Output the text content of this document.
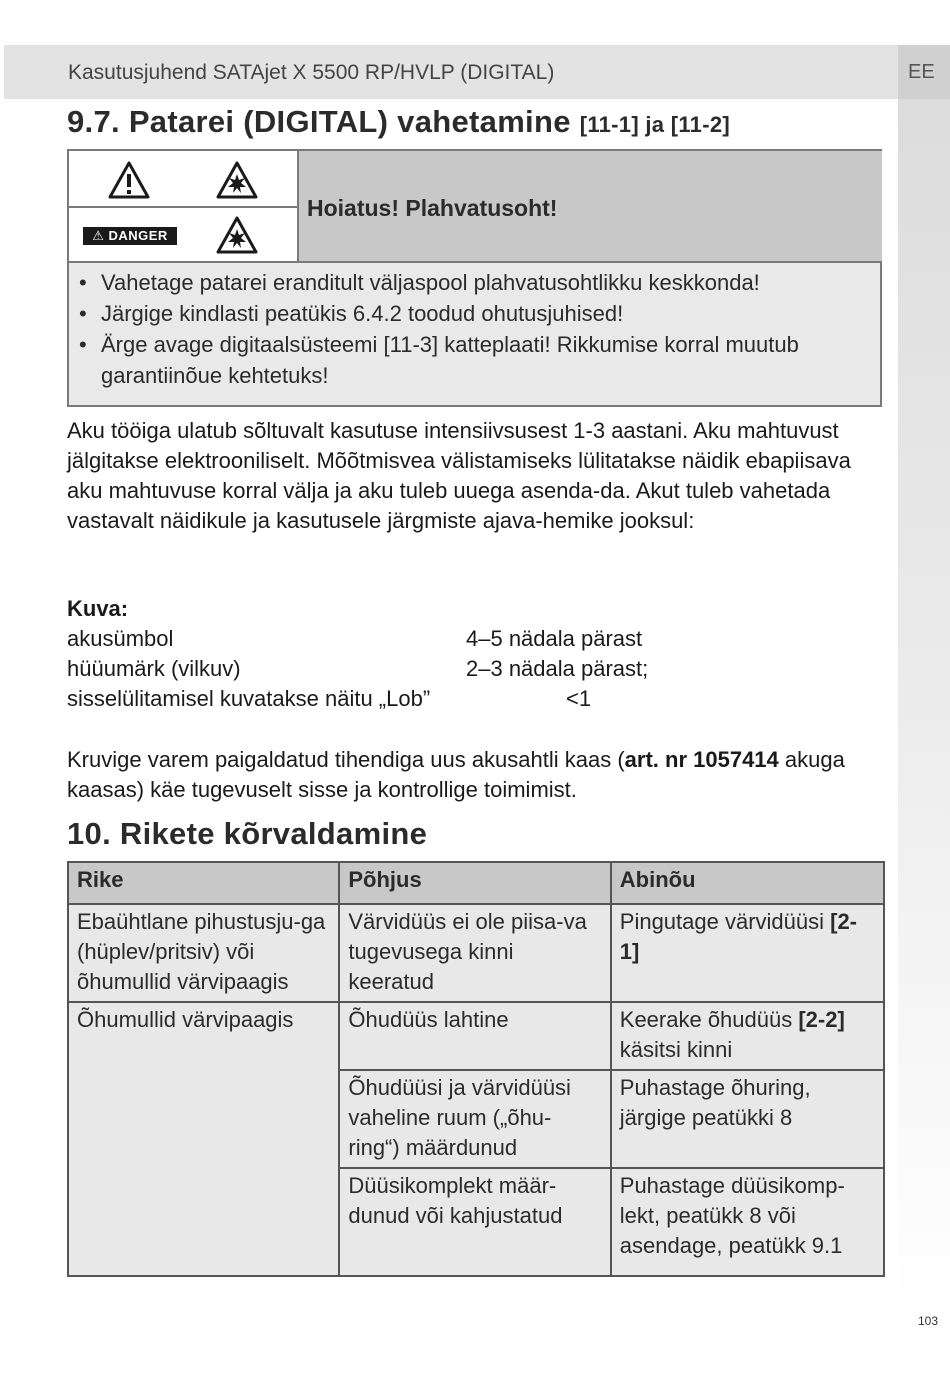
Kasutusjuhend SATAjet X 5500 RP/HVLP (DIGITAL)	EE
9.7. Patarei (DIGITAL) vahetamine [11-1] ja [11-2]
⚠ DANGER
Hoiatus! Plahvatusoht!
• Vahetage patarei eranditult väljaspool plahvatusohtlikku keskkonda!
• Järgige kindlasti peatükis 6.4.2 toodud ohutusjuhised!
• Ärge avage digitaalsüsteemi [11-3] katteplaati! Rikkumise korral muutub garantiinõue kehtetuks!
Aku tööiga ulatub sõltuvalt kasutuse intensiivsusest 1-3 aastani. Aku mahtuvust jälgitakse elektrooniliselt. Mõõtmisvea välistamiseks lülitatakse näidik ebapiisava aku mahtuvuse korral välja ja aku tuleb uuega asenda-da. Akut tuleb vahetada vastavalt näidikule ja kasutusele järgmiste ajava-hemike jooksul:
Kuva:
akusümbol	4–5 nädala pärast
hüüumärk (vilkuv)	2–3 nädala pärast;
sisselülitamisel kuvatakse näitu „Lob”	<1
Kruvige varem paigaldatud tihendiga uus akusahtli kaas (art. nr 1057414 akuga kaasas) käe tugevuselt sisse ja kontrollige toimimist.
10. Rikete kõrvaldamine
Rike	Põhjus	Abinõu
Ebaühtlane pihustusju-ga (hüplev/pritsiv) või õhumullid värvipaagis	Värvidüüs ei ole piisa-va tugevusega kinni keeratud	Pingutage värvidüüsi [2-1]
Õhumullid värvipaagis	Õhudüüs lahtine	Keerake õhudüüs [2-2] käsitsi kinni
	Õhudüüsi ja värvidüüsi vaheline ruum („õhu-ring“) määrdunud	Puhastage õhuring, järgige peatükki 8
	Düüsikomplekt määr-dunud või kahjustatud	Puhastage düüsikomp-lekt, peatükk 8 või asendage, peatükk 9.1
103
